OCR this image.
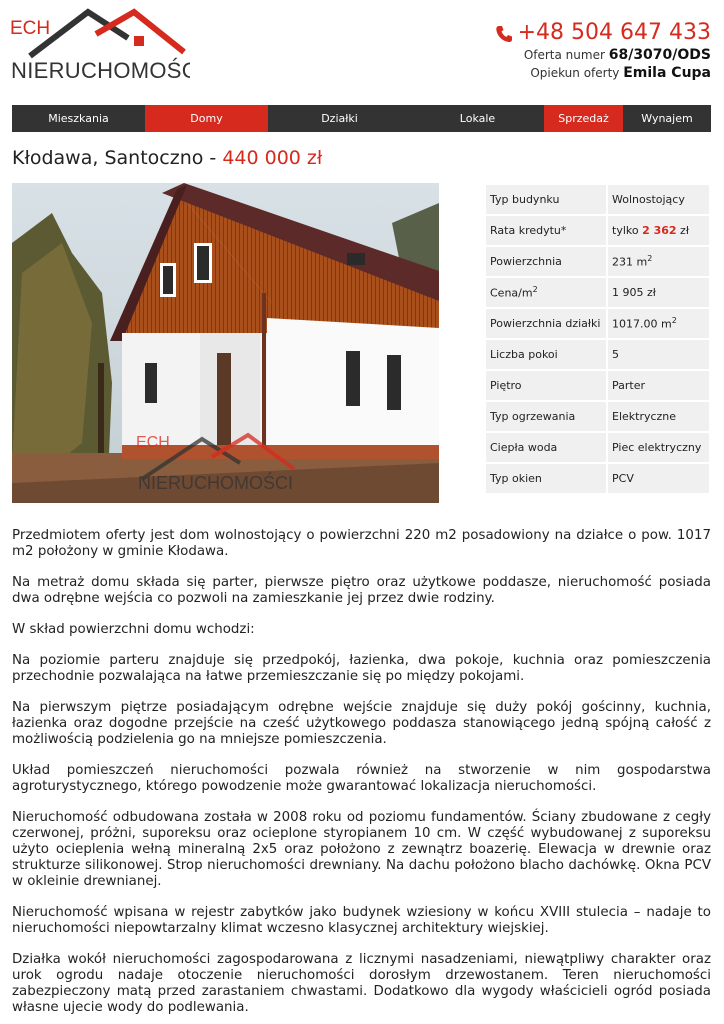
ECH
NIERUCHOMOŚCI
+48 504 647 433
Oferta numer 68/3070/ODS
Opiekun oferty Emila Cupa
Mieszkania	Domy	Działki	Lokale	Sprzedaż	Wynajem
Kłodawa, Santoczno - 440 000 zł
ECH
NIERUCHOMOŚCI
Typ budynku	Wolnostojący
Rata kredytu*	tylko 2 362 zł
Powierzchnia	231 $m^2$
Cena/$m^2$	1 905 zł
Powierzchnia działki	1017.00 $m^2$
Liczba pokoi	5
Piętro	Parter
Typ ogrzewania	Elektryczne
Ciepła woda	Piec elektryczny
Typ okien	PCV

Przedmiotem oferty jest dom wolnostojący o powierzchni 220 m2 posadowiony na działce o pow. 1017 m2 położony w gminie Kłodawa.

Na metraż domu składa się parter, pierwsze piętro oraz użytkowe poddasze, nieruchomość posiada dwa odrębne wejścia co pozwoli na zamieszkanie jej przez dwie rodziny.

W skład powierzchni domu wchodzi:

Na poziomie parteru znajduje się przedpokój, łazienka, dwa pokoje, kuchnia oraz pomieszczenia przechodnie pozwalająca na łatwe przemieszczanie się po między pokojami.

Na pierwszym piętrze posiadającym odrębne wejście znajduje się duży pokój gościnny, kuchnia, łazienka oraz dogodne przejście na cześć użytkowego poddasza stanowiącego jedną spójną całość z możliwością podzielenia go na mniejsze pomieszczenia.

Układ pomieszczeń nieruchomości pozwala również na stworzenie w nim gospodarstwa agroturystycznego, którego powodzenie może gwarantować lokalizacja nieruchomości.

Nieruchomość odbudowana została w 2008 roku od poziomu fundamentów. Ściany zbudowane z cegły czerwonej, prόżni, suporeksu oraz ocieplone styropianem 10 cm. W część wybudowanej z suporeksu użyto ocieplenia wełną mineralną 2x5 oraz położono z zewnątrz boazerię. Elewacja w drewnie oraz strukturze silikonowej. Strop nieruchomości drewniany. Na dachu położono blacho dachówkę. Okna PCV w okleinie drewnianej.

Nieruchomość wpisana w rejestr zabytków jako budynek wziesiony w końcu XVIII stulecia – nadaje to nieruchomości niepowtarzalny klimat wczesno klasycznej architektury wiejskiej.

Działka wokół nieruchomości zagospodarowana z licznymi nasadzeniami, niewątpliwy charakter oraz urok ogrodu nadaje otoczenie nieruchomości dorosłym drzewostanem. Teren nieruchomości zabezpieczony matą przed zarastaniem chwastami. Dodatkowo dla wygody właścicieli ogród posiada własne ujecie wody do podlewania.
